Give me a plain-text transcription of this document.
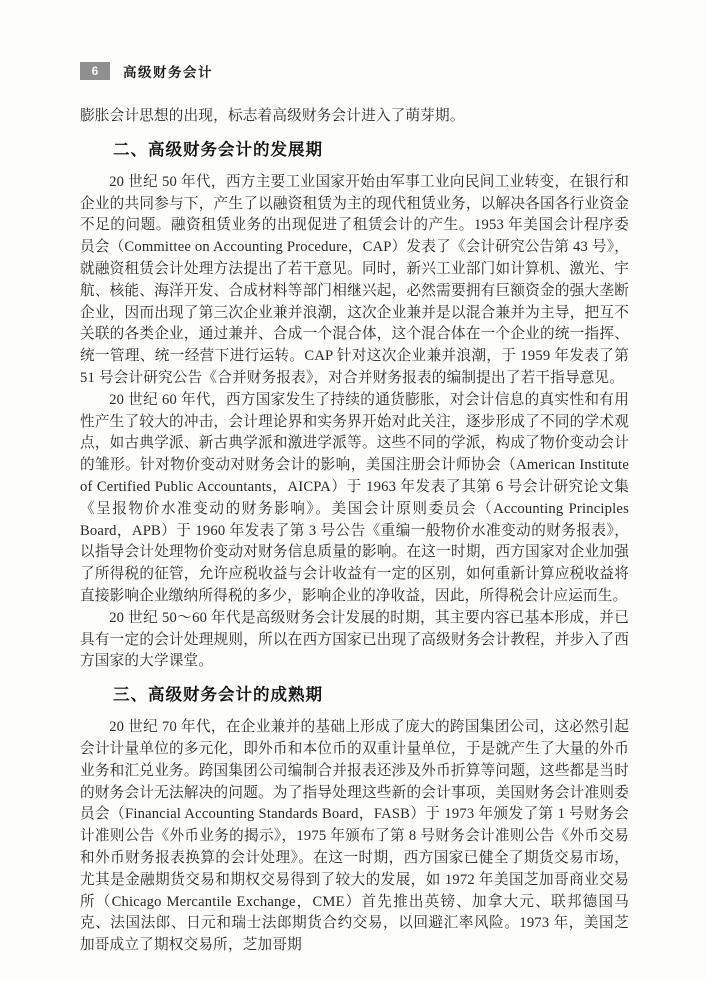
6 高级财务会计

膨胀会计思想的出现，标志着高级财务会计进入了萌芽期。

二、高级财务会计的发展期

20 世纪 50 年代，西方主要工业国家开始由军事工业向民间工业转变，在银行和企业的共同参与下，产生了以融资租赁为主的现代租赁业务，以解决各国各行业资金不足的问题。融资租赁业务的出现促进了租赁会计的产生。1953 年美国会计程序委员会（Committee on Accounting Procedure，CAP）发表了《会计研究公告第 43 号》，就融资租赁会计处理方法提出了若干意见。同时，新兴工业部门如计算机、激光、宇航、核能、海洋开发、合成材料等部门相继兴起，必然需要拥有巨额资金的强大垄断企业，因而出现了第三次企业兼并浪潮，这次企业兼并是以混合兼并为主导，把互不关联的各类企业，通过兼并、合成一个混合体，这个混合体在一个企业的统一指挥、统一管理、统一经营下进行运转。CAP 针对这次企业兼并浪潮，于 1959 年发表了第 51 号会计研究公告《合并财务报表》，对合并财务报表的编制提出了若干指导意见。

20 世纪 60 年代，西方国家发生了持续的通货膨胀，对会计信息的真实性和有用性产生了较大的冲击，会计理论界和实务界开始对此关注，逐步形成了不同的学术观点，如古典学派、新古典学派和激进学派等。这些不同的学派，构成了物价变动会计的雏形。针对物价变动对财务会计的影响，美国注册会计师协会（American Institute of Certified Public Accountants，AICPA）于 1963 年发表了其第 6 号会计研究论文集《呈报物价水准变动的财务影响》。美国会计原则委员会（Accounting Principles Board，APB）于 1960 年发表了第 3 号公告《重编一般物价水准变动的财务报表》，以指导会计处理物价变动对财务信息质量的影响。在这一时期，西方国家对企业加强了所得税的征管，允许应税收益与会计收益有一定的区别，如何重新计算应税收益将直接影响企业缴纳所得税的多少，影响企业的净收益，因此，所得税会计应运而生。

20 世纪 50～60 年代是高级财务会计发展的时期，其主要内容已基本形成，并已具有一定的会计处理规则，所以在西方国家已出现了高级财务会计教程，并步入了西方国家的大学课堂。

三、高级财务会计的成熟期

20 世纪 70 年代，在企业兼并的基础上形成了庞大的跨国集团公司，这必然引起会计计量单位的多元化，即外币和本位币的双重计量单位，于是就产生了大量的外币业务和汇兑业务。跨国集团公司编制合并报表还涉及外币折算等问题，这些都是当时的财务会计无法解决的问题。为了指导处理这些新的会计事项，美国财务会计准则委员会（Financial Accounting Standards Board，FASB）于 1973 年颁发了第 1 号财务会计准则公告《外币业务的揭示》，1975 年颁布了第 8 号财务会计准则公告《外币交易和外币财务报表换算的会计处理》。在这一时期，西方国家已健全了期货交易市场，尤其是金融期货交易和期权交易得到了较大的发展，如 1972 年美国芝加哥商业交易所（Chicago Mercantile Exchange，CME）首先推出英镑、加拿大元、联邦德国马克、法国法郎、日元和瑞士法郎期货合约交易，以回避汇率风险。1973 年，美国芝加哥成立了期权交易所，芝加哥期
